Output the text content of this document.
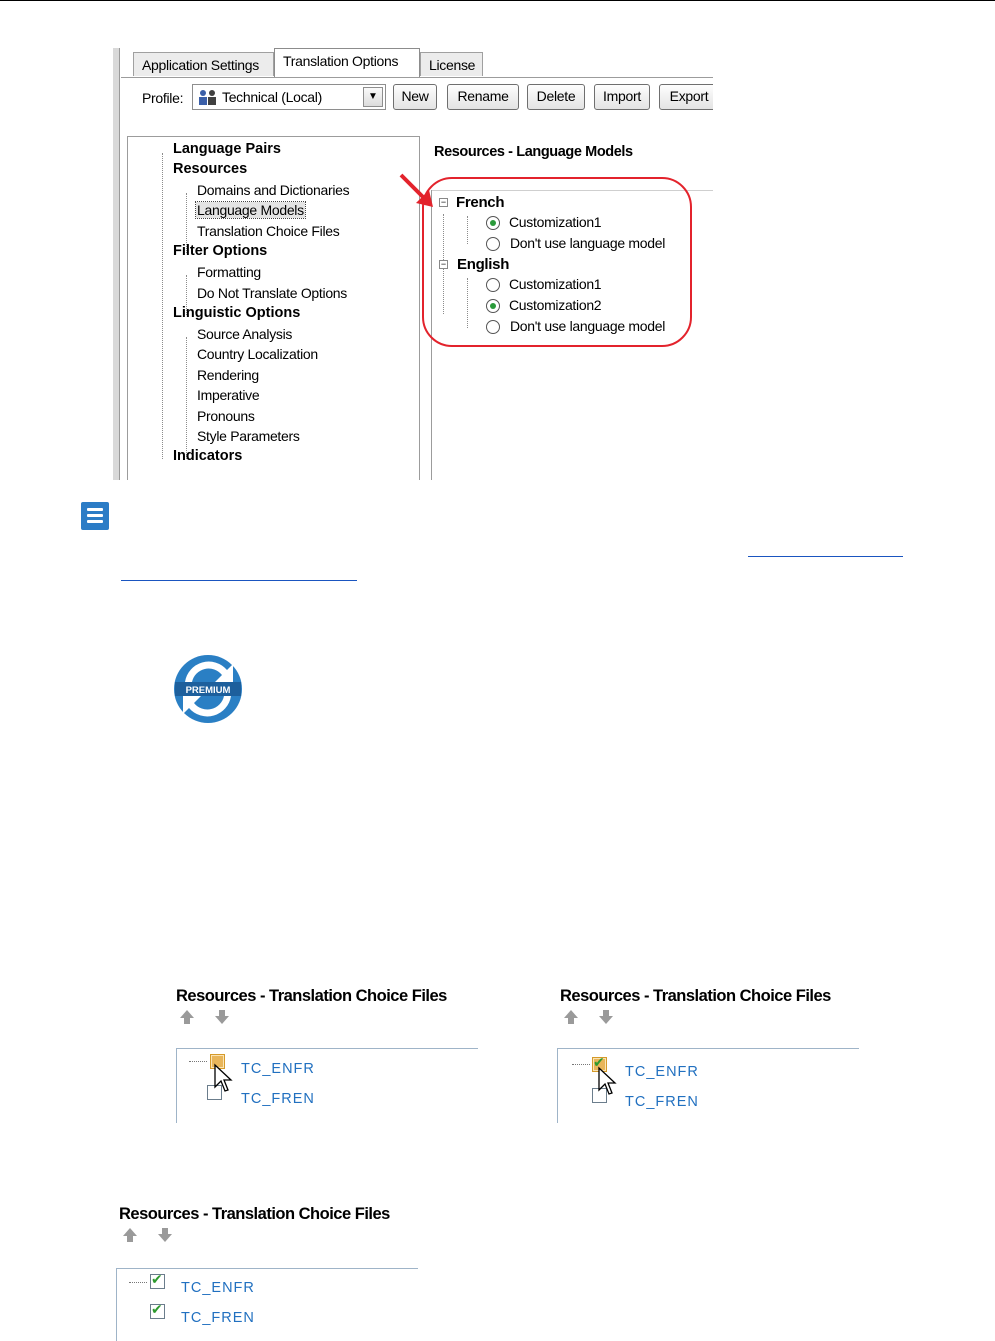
Application Settings	Translation Options	License
Profile:	Technical (Local)	▼	New	Rename	Delete	Import	Export
Language Pairs
Resources
Domains and Dictionaries
Language Models
Translation Choice Files
Filter Options
Formatting
Do Not Translate Options
Linguistic Options
Source Analysis
Country Localization
Rendering
Imperative
Pronouns
Style Parameters
Indicators
Resources - Language Models
− French
Customization1
Don't use language model
− English
Customization1
Customization2
Don't use language model
PREMIUM
Resources - Translation Choice Files
TC_ENFR
TC_FREN
Resources - Translation Choice Files
✔
TC_ENFR
TC_FREN
Resources - Translation Choice Files
✔
TC_ENFR
✔
TC_FREN
